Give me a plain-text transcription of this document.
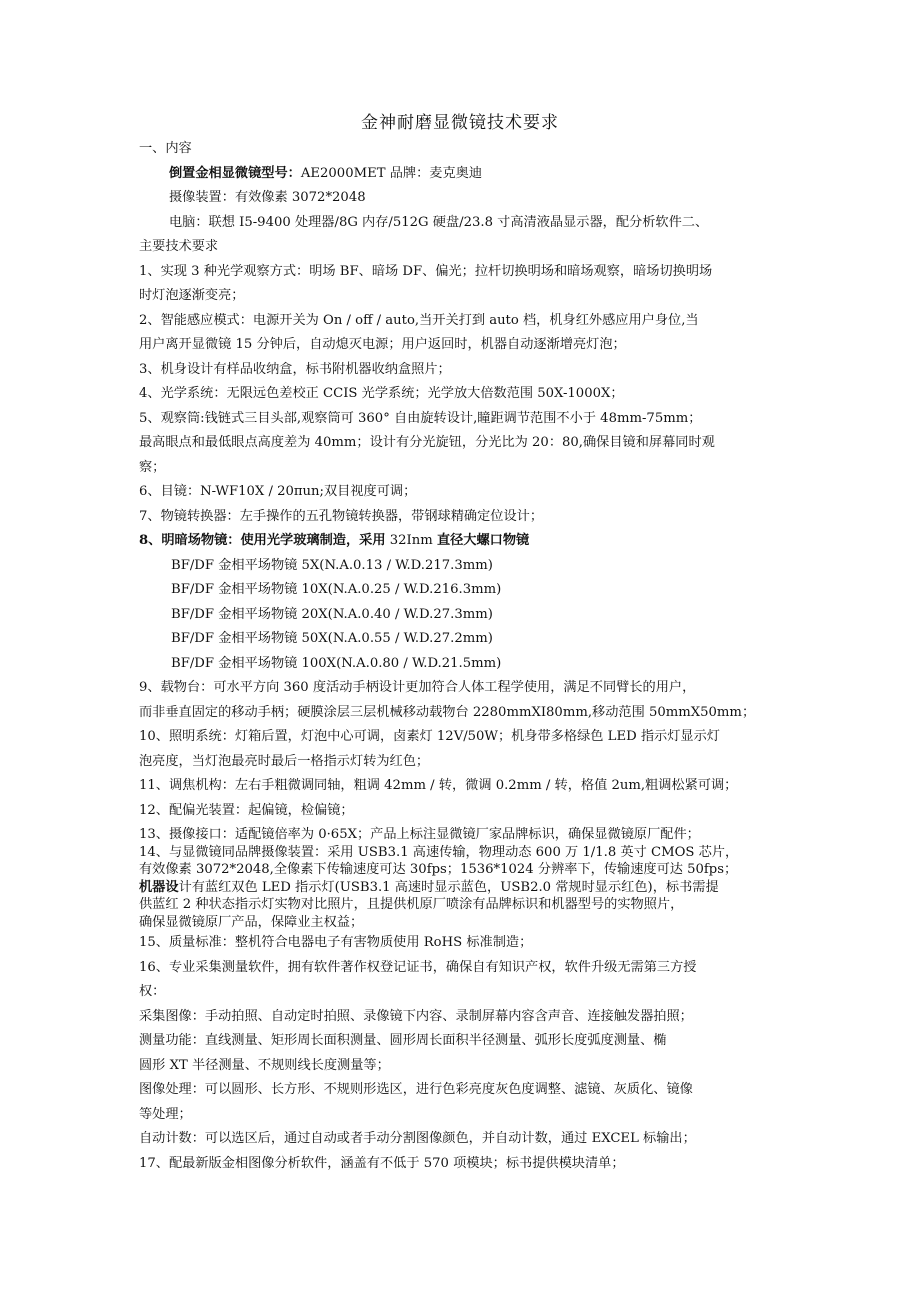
金神耐磨显微镜技术要求

一、内容

倒置金相显微镜型号：AE2000MET 品牌：麦克奥迪

摄像装置：有效像素 3072*2048

电脑：联想 I5-9400 处理器/8G 内存/512G 硬盘/23.8 寸高清液晶显示器，配分析软件二、

主要技术要求

1、实现 3 种光学观察方式：明场 BF、暗场 DF、偏光；拉杆切换明场和暗场观察，暗场切换明场

时灯泡逐渐变亮；

2、智能感应模式：电源开关为 On / off / auto,当开关打到 auto 档，机身红外感应用户身位,当

用户离开显微镜 15 分钟后，自动熄灭电源；用户返回时，机器自动逐渐增亮灯泡；

3、机身设计有样品收纳盒，标书附机器收纳盒照片；

4、光学系统：无限远色差校正 CCIS 光学系统；光学放大倍数范围 50X-1000X；

5、观察筒:钱链式三目头部,观察筒可 360° 自由旋转设计,瞳距调节范围不小于 48mm-75mm；

最高眼点和最低眼点高度差为 40mm；设计有分光旋钮，分光比为 20：80,确保目镜和屏幕同时观

察；

6、目镜：N-WF10X / 20πun;双目视度可调；

7、物镜转换器：左手操作的五孔物镜转换器，带钢球精确定位设计；

8、明暗场物镜：使用光学玻璃制造，采用 32Inm 直径大螺口物镜

BF/DF 金相平场物镜 5X(N.A.0.13 / W.D.217.3mm)

BF/DF 金相平场物镜 10X(N.A.0.25 / W.D.216.3mm)

BF/DF 金相平场物镜 20X(N.A.0.40 / W.D.27.3mm)

BF/DF 金相平场物镜 50X(N.A.0.55 / W.D.27.2mm)

BF/DF 金相平场物镜 100X(N.A.0.80 / W.D.21.5mm)

9、载物台：可水平方向 360 度活动手柄设计更加符合人体工程学使用，满足不同臂长的用户，

而非垂直固定的移动手柄；硬膜涂层三层机械移动载物台 2280mmXI80mm,移动范围 50mmX50mm；

10、照明系统：灯箱后置，灯泡中心可调，卤素灯 12V/50W；机身带多格绿色 LED 指示灯显示灯

泡亮度，当灯泡最亮时最后一格指示灯转为红色；

11、调焦机构：左右手粗微调同轴，粗调 42mm / 转，微调 0.2mm / 转，格值 2um,粗调松紧可调；

12、配偏光装置：起偏镜，检偏镜；

13、摄像接口：适配镜倍率为 0·65X；产品上标注显微镜厂家品牌标识，确保显微镜原厂配件；

14、与显微镜同品牌摄像装置：采用 USB3.1 高速传输，物理动态 600 万 1/1.8 英寸 CMOS 芯片，

有效像素 3072*2048,全像素下传输速度可达 30fps；1536*1024 分辨率下，传输速度可达 50fps；

机器设计有蓝红双色 LED 指示灯(USB3.1 高速时显示蓝色，USB2.0 常规时显示红色)，标书需提

供蓝红 2 种状态指示灯实物对比照片，且提供机原厂喷涂有品牌标识和机器型号的实物照片，

确保显微镜原厂产品，保障业主权益；

15、质量标准：整机符合电器电子有害物质使用 RoHS 标准制造；

16、专业采集测量软件，拥有软件著作权登记证书，确保自有知识产权，软件升级无需第三方授

权：

采集图像：手动拍照、自动定时拍照、录像镜下内容、录制屏幕内容含声音、连接触发器拍照；

测量功能：直线测量、矩形周长面积测量、圆形周长面积半径测量、弧形长度弧度测量、椭

圆形 XT 半径测量、不规则线长度测量等；

图像处理：可以圆形、长方形、不规则形选区，进行色彩亮度灰色度调整、滤镜、灰质化、镜像

等处理；

自动计数：可以选区后，通过自动或者手动分割图像颜色，并自动计数，通过 EXCEL 标输出；

17、配最新版金相图像分析软件，涵盖有不低于 570 项模块；标书提供模块清单；
